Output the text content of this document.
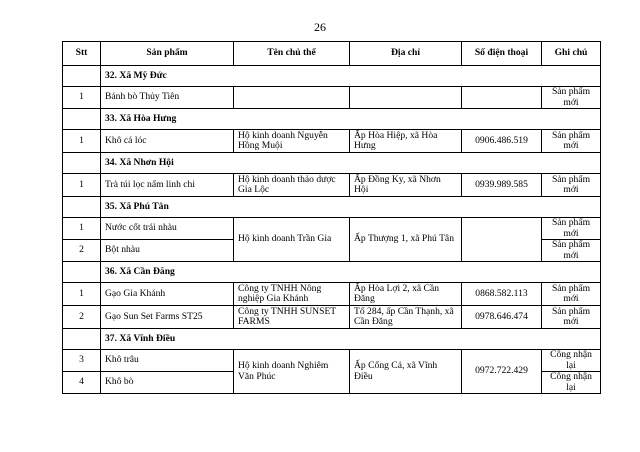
26
Stt	Sản phẩm	Tên chủ thể	Địa chỉ	Số điện thoại	Ghi chú
	32. Xã Mỹ Đức				
1	Bánh bò Thủy Tiên				Sản phẩm mới
	33. Xã Hòa Hưng				
1	Khô cá lóc	Hộ kinh doanh Nguyễn Hồng Muội	Ấp Hòa Hiệp, xã Hòa Hưng	0906.486.519	Sản phẩm mới
	34. Xã Nhơn Hội				
1	Trà túi lọc nấm linh chi	Hộ kinh doanh thảo dược Gia Lộc	Ấp Đồng Ky, xã Nhơn Hội	0939.989.585	Sản phẩm mới
	35. Xã Phú Tân				
1	Nước cốt trái nhàu	Hộ kinh doanh Trần Gia	Ấp Thượng 1, xã Phú Tân		Sản phẩm mới
2	Bột nhàu				Sản phẩm mới
	36. Xã Cần Đăng				
1	Gạo Gia Khánh	Công ty TNHH Nông nghiệp Gia Khánh	Ấp Hòa Lợi 2, xã Cần Đăng	0868.582.113	Sản phẩm mới
2	Gạo Sun Set Farms ST25	Công ty TNHH SUNSET FARMS	Tổ 284, ấp Cần Thạnh, xã Cần Đăng	0978.646.474	Sản phẩm mới
	37. Xã Vĩnh Điều				
3	Khô trâu	Hộ kinh doanh Nghiêm Văn Phúc	Ấp Cống Cả, xã Vĩnh Điều	0972.722.429	Công nhận lại
4	Khô bò				Công nhận lại
